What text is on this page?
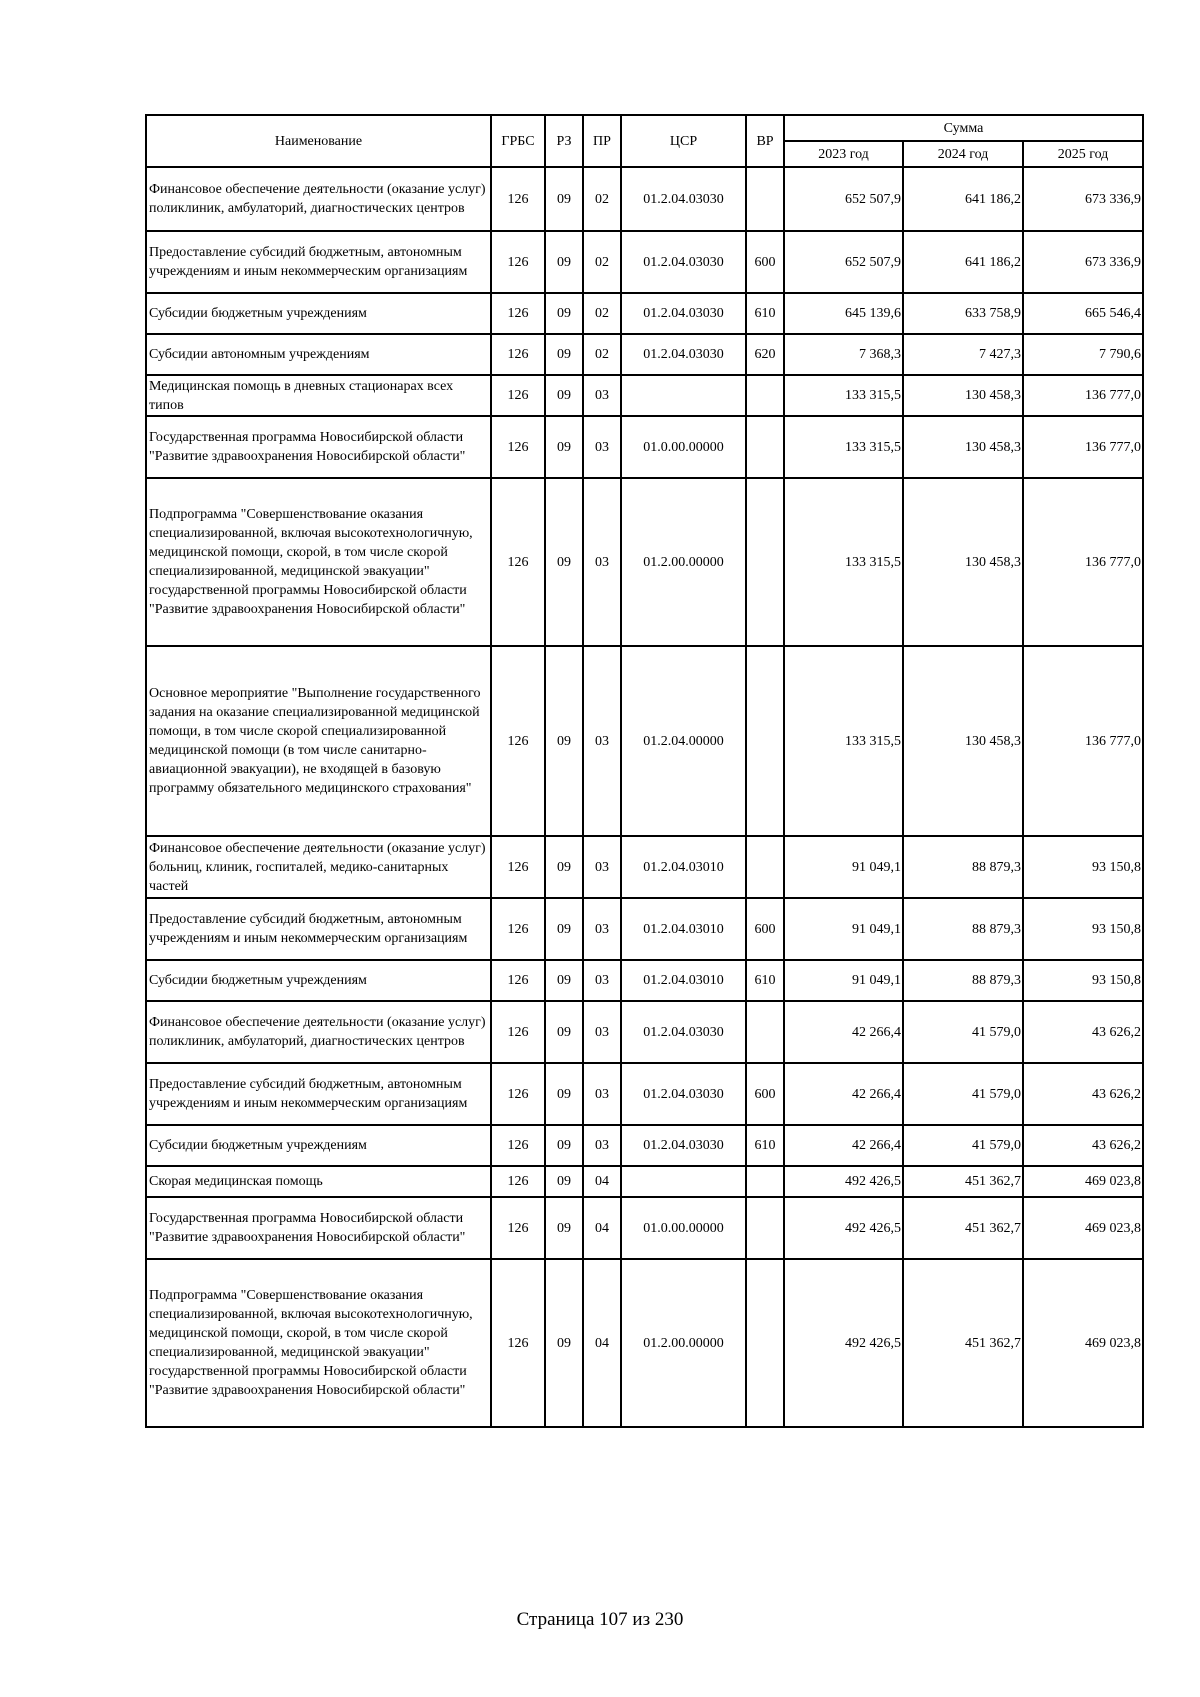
Наименование	ГРБС	РЗ	ПР	ЦСР	ВР	Сумма		
						2023 год	2024 год	2025 год
Финансовое обеспечение деятельности (оказание услуг) поликлиник, амбулаторий, диагностических центров	126	09	02	01.2.04.03030		652 507,9	641 186,2	673 336,9
Предоставление субсидий бюджетным, автономным учреждениям и иным некоммерческим организациям	126	09	02	01.2.04.03030	600	652 507,9	641 186,2	673 336,9
Субсидии бюджетным учреждениям	126	09	02	01.2.04.03030	610	645 139,6	633 758,9	665 546,4
Субсидии автономным учреждениям	126	09	02	01.2.04.03030	620	7 368,3	7 427,3	7 790,6
Медицинская помощь в дневных стационарах всех типов	126	09	03			133 315,5	130 458,3	136 777,0
Государственная программа Новосибирской области "Развитие здравоохранения Новосибирской области"	126	09	03	01.0.00.00000		133 315,5	130 458,3	136 777,0
Подпрограмма "Совершенствование оказания специализированной, включая высокотехнологичную, медицинской помощи, скорой, в том числе скорой специализированной, медицинской эвакуации" государственной программы Новосибирской области "Развитие здравоохранения Новосибирской области"	126	09	03	01.2.00.00000		133 315,5	130 458,3	136 777,0
Основное мероприятие "Выполнение государственного задания на оказание специализированной медицинской помощи, в том числе скорой специализированной медицинской помощи (в том числе санитарно-авиационной эвакуации), не входящей в базовую программу обязательного медицинского страхования"	126	09	03	01.2.04.00000		133 315,5	130 458,3	136 777,0
Финансовое обеспечение деятельности (оказание услуг) больниц, клиник, госпиталей, медико-санитарных частей	126	09	03	01.2.04.03010		91 049,1	88 879,3	93 150,8
Предоставление субсидий бюджетным, автономным учреждениям и иным некоммерческим организациям	126	09	03	01.2.04.03010	600	91 049,1	88 879,3	93 150,8
Субсидии бюджетным учреждениям	126	09	03	01.2.04.03010	610	91 049,1	88 879,3	93 150,8
Финансовое обеспечение деятельности (оказание услуг) поликлиник, амбулаторий, диагностических центров	126	09	03	01.2.04.03030		42 266,4	41 579,0	43 626,2
Предоставление субсидий бюджетным, автономным учреждениям и иным некоммерческим организациям	126	09	03	01.2.04.03030	600	42 266,4	41 579,0	43 626,2
Субсидии бюджетным учреждениям	126	09	03	01.2.04.03030	610	42 266,4	41 579,0	43 626,2
Скорая медицинская помощь	126	09	04			492 426,5	451 362,7	469 023,8
Государственная программа Новосибирской области "Развитие здравоохранения Новосибирской области"	126	09	04	01.0.00.00000		492 426,5	451 362,7	469 023,8
Подпрограмма "Совершенствование оказания специализированной, включая высокотехнологичную, медицинской помощи, скорой, в том числе скорой специализированной, медицинской эвакуации" государственной программы Новосибирской области "Развитие здравоохранения Новосибирской области"	126	09	04	01.2.00.00000		492 426,5	451 362,7	469 023,8
Страница 107 из 230
